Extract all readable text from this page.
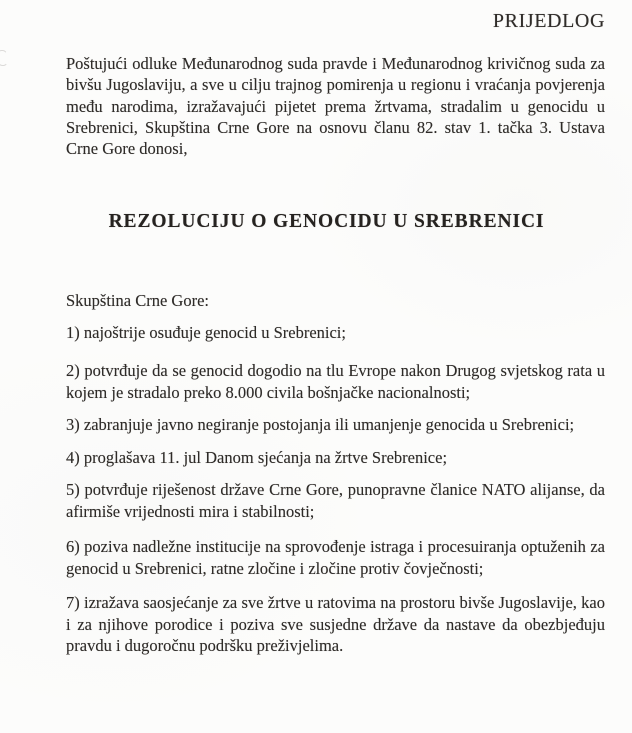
PRIJEDLOG

Poštujući odluke Međunarodnog suda pravde i Međunarodnog krivičnog suda za bivšu Jugoslaviju, a sve u cilju trajnog pomirenja u regionu i vraćanja povjerenja među narodima, izražavajući pijetet prema žrtvama, stradalim u genocidu u Srebrenici, Skupština Crne Gore na osnovu članu 82. stav 1. tačka 3. Ustava Crne Gore donosi,

REZOLUCIJU O GENOCIDU U SREBRENICI

Skupština Crne Gore:

1) najoštrije osuđuje genocid u Srebrenici;

2) potvrđuje da se genocid dogodio na tlu Evrope nakon Drugog svjetskog rata u kojem je stradalo preko 8.000 civila bošnjačke nacionalnosti;

3) zabranjuje javno negiranje postojanja ili umanjenje genocida u Srebrenici;

4) proglašava 11. jul Danom sjećanja na žrtve Srebrenice;

5) potvrđuje riješenost države Crne Gore, punopravne članice NATO alijanse, da afirmiše vrijednosti mira i stabilnosti;

6) poziva nadležne institucije na sprovođenje istraga i procesuiranja optuženih za genocid u Srebrenici, ratne zločine i zločine protiv čovječnosti;

7) izražava saosjećanje za sve žrtve u ratovima na prostoru bivše Jugoslavije, kao i za njihove porodice i poziva sve susjedne države da nastave da obezbjeđuju pravdu i dugoročnu podršku preživjelima.
